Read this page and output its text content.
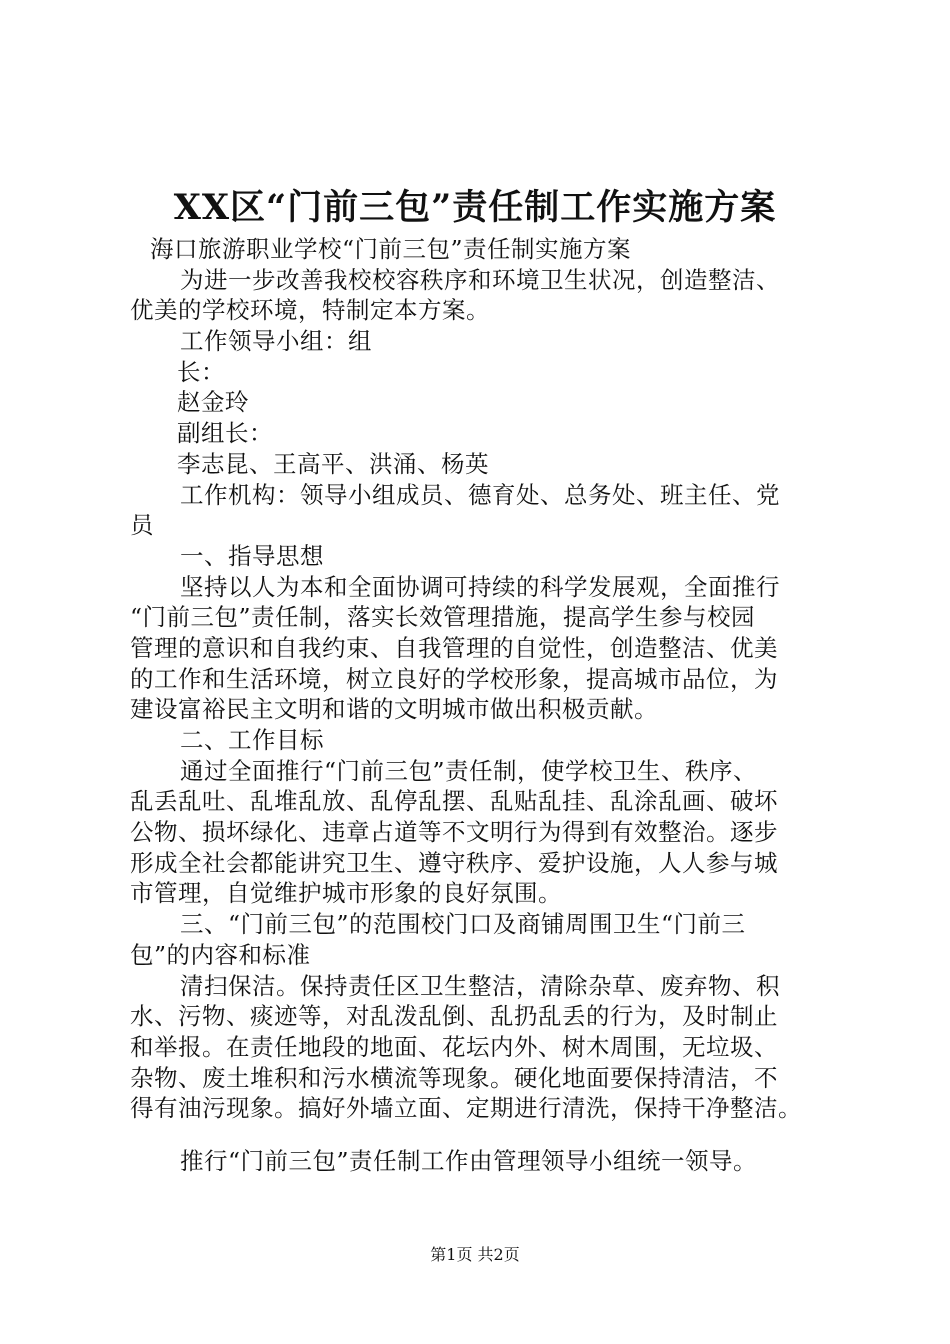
XX区“门前三包”责任制工作实施方案
海口旅游职业学校“门前三包”责任制实施方案
为进一步改善我校校容秩序和环境卫生状况，创造整洁、
优美的学校环境，特制定本方案。
工作领导小组：组
长：
赵金玲
副组长：
李志昆、王高平、洪涌、杨英
工作机构：领导小组成员、德育处、总务处、班主任、党
员
一、指导思想
坚持以人为本和全面协调可持续的科学发展观，全面推行
“门前三包”责任制，落实长效管理措施，提高学生参与校园
管理的意识和自我约束、自我管理的自觉性，创造整洁、优美
的工作和生活环境，树立良好的学校形象，提高城市品位，为
建设富裕民主文明和谐的文明城市做出积极贡献。
二、工作目标
通过全面推行“门前三包”责任制，使学校卫生、秩序、
乱丢乱吐、乱堆乱放、乱停乱摆、乱贴乱挂、乱涂乱画、破坏
公物、损坏绿化、违章占道等不文明行为得到有效整治。逐步
形成全社会都能讲究卫生、遵守秩序、爱护设施，人人参与城
市管理，自觉维护城市形象的良好氛围。
三、“门前三包”的范围校门口及商铺周围卫生“门前三
包”的内容和标准
清扫保洁。保持责任区卫生整洁，清除杂草、废弃物、积
水、污物、痰迹等，对乱泼乱倒、乱扔乱丢的行为，及时制止
和举报。在责任地段的地面、花坛内外、树木周围，无垃圾、
杂物、废土堆积和污水横流等现象。硬化地面要保持清洁，不
得有油污现象。搞好外墙立面、定期进行清洗，保持干净整洁。
推行“门前三包”责任制工作由管理领导小组统一领导。
第1页 共2页
